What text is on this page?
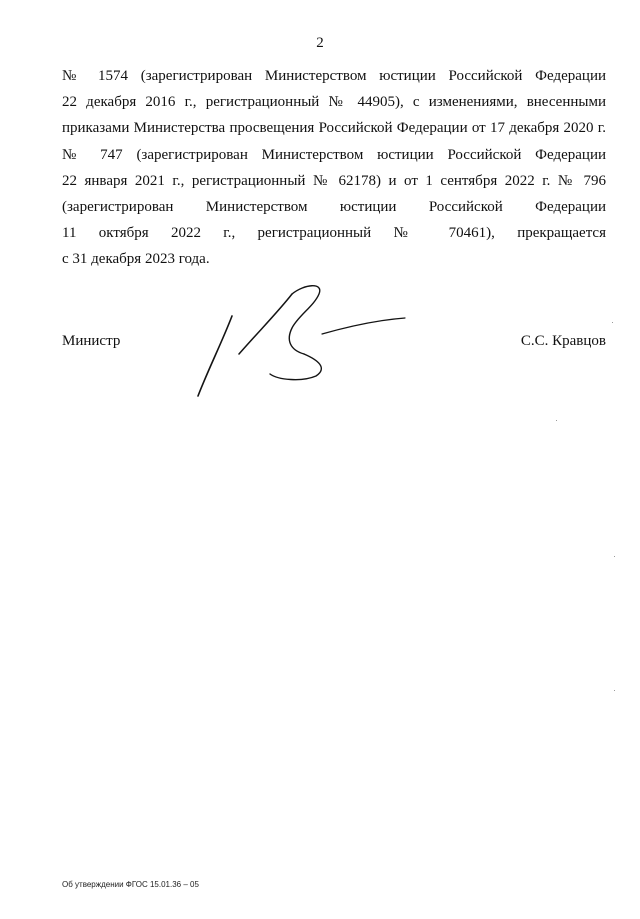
2
№ 1574 (зарегистрирован Министерством юстиции Российской Федерации
22 декабря 2016 г., регистрационный № 44905), с изменениями, внесенными
приказами Министерства просвещения Российской Федерации от 17 декабря 2020 г.
№ 747 (зарегистрирован Министерством юстиции Российской Федерации
22 января 2021 г., регистрационный № 62178) и от 1 сентября 2022 г. № 796
(зарегистрирован Министерством юстиции Российской Федерации
11 октября 2022 г., регистрационный № 70461), прекращается
с 31 декабря 2023 года.
Министр	С.С. Кравцов
Об утверждении ФГОС 15.01.36 – 05
